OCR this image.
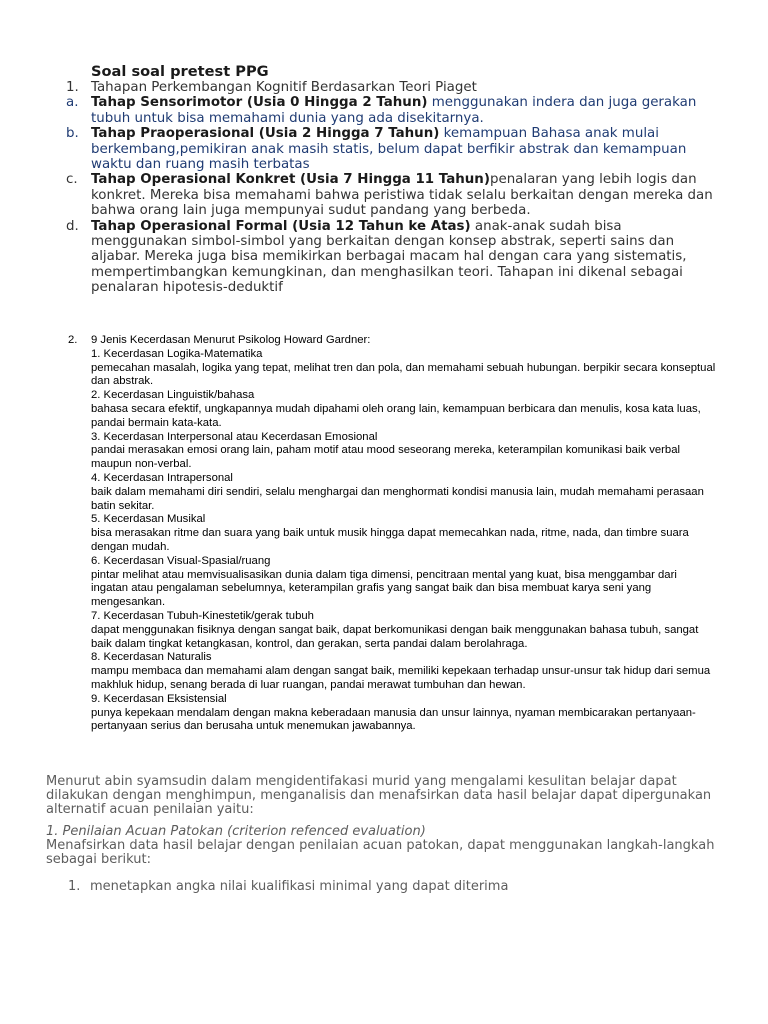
Soal soal pretest PPG
1. Tahapan Perkembangan Kognitif Berdasarkan Teori Piaget
a. Tahap Sensorimotor (Usia 0 Hingga 2 Tahun) menggunakan indera dan juga gerakan tubuh untuk bisa memahami dunia yang ada disekitarnya.
b. Tahap Praoperasional (Usia 2 Hingga 7 Tahun) kemampuan Bahasa anak mulai berkembang,pemikiran anak masih statis, belum dapat berfikir abstrak dan kemampuan waktu dan ruang masih terbatas
c. Tahap Operasional Konkret (Usia 7 Hingga 11 Tahun)penalaran yang lebih logis dan konkret. Mereka bisa memahami bahwa peristiwa tidak selalu berkaitan dengan mereka dan bahwa orang lain juga mempunyai sudut pandang yang berbeda.
d. Tahap Operasional Formal (Usia 12 Tahun ke Atas) anak-anak sudah bisa menggunakan simbol-simbol yang berkaitan dengan konsep abstrak, seperti sains dan aljabar. Mereka juga bisa memikirkan berbagai macam hal dengan cara yang sistematis, mempertimbangkan kemungkinan, dan menghasilkan teori. Tahapan ini dikenal sebagai penalaran hipotesis-deduktif
2.	9 Jenis Kecerdasan Menurut Psikolog Howard Gardner:
1. Kecerdasan Logika-Matematika
pemecahan masalah, logika yang tepat, melihat tren dan pola, dan memahami sebuah hubungan. berpikir secara konseptual dan abstrak.
2. Kecerdasan Linguistik/bahasa
bahasa secara efektif, ungkapannya mudah dipahami oleh orang lain, kemampuan berbicara dan menulis, kosa kata luas, pandai bermain kata-kata.
3. Kecerdasan Interpersonal atau Kecerdasan Emosional
pandai merasakan emosi orang lain, paham motif atau mood seseorang mereka, keterampilan komunikasi baik verbal maupun non-verbal.
4. Kecerdasan Intrapersonal
baik dalam memahami diri sendiri, selalu menghargai dan menghormati kondisi manusia lain, mudah memahami perasaan batin sekitar.
5. Kecerdasan Musikal
bisa merasakan ritme dan suara yang baik untuk musik hingga dapat memecahkan nada, ritme, nada, dan timbre suara dengan mudah.
6. Kecerdasan Visual-Spasial/ruang
pintar melihat atau memvisualisasikan dunia dalam tiga dimensi, pencitraan mental yang kuat, bisa menggambar dari ingatan atau pengalaman sebelumnya, keterampilan grafis yang sangat baik dan bisa membuat karya seni yang mengesankan.
7. Kecerdasan Tubuh-Kinestetik/gerak tubuh
dapat menggunakan fisiknya dengan sangat baik, dapat berkomunikasi dengan baik menggunakan bahasa tubuh, sangat baik dalam tingkat ketangkasan, kontrol, dan gerakan, serta pandai dalam berolahraga.
8. Kecerdasan Naturalis
mampu membaca dan memahami alam dengan sangat baik, memiliki kepekaan terhadap unsur-unsur tak hidup dari semua makhluk hidup, senang berada di luar ruangan, pandai merawat tumbuhan dan hewan.
9. Kecerdasan Eksistensial
punya kepekaan mendalam dengan makna keberadaan manusia dan unsur lainnya, nyaman membicarakan pertanyaan-pertanyaan serius dan berusaha untuk menemukan jawabannya.

Menurut abin syamsudin dalam mengidentifakasi murid yang mengalami kesulitan belajar dapat dilakukan dengan menghimpun, menganalisis dan menafsirkan data hasil belajar dapat dipergunakan alternatif acuan penilaian yaitu:

1. Penilaian Acuan Patokan (criterion refenced evaluation)

Menafsirkan data hasil belajar dengan penilaian acuan patokan, dapat menggunakan langkah-langkah sebagai berikut:

1. menetapkan angka nilai kualifikasi minimal yang dapat diterima
